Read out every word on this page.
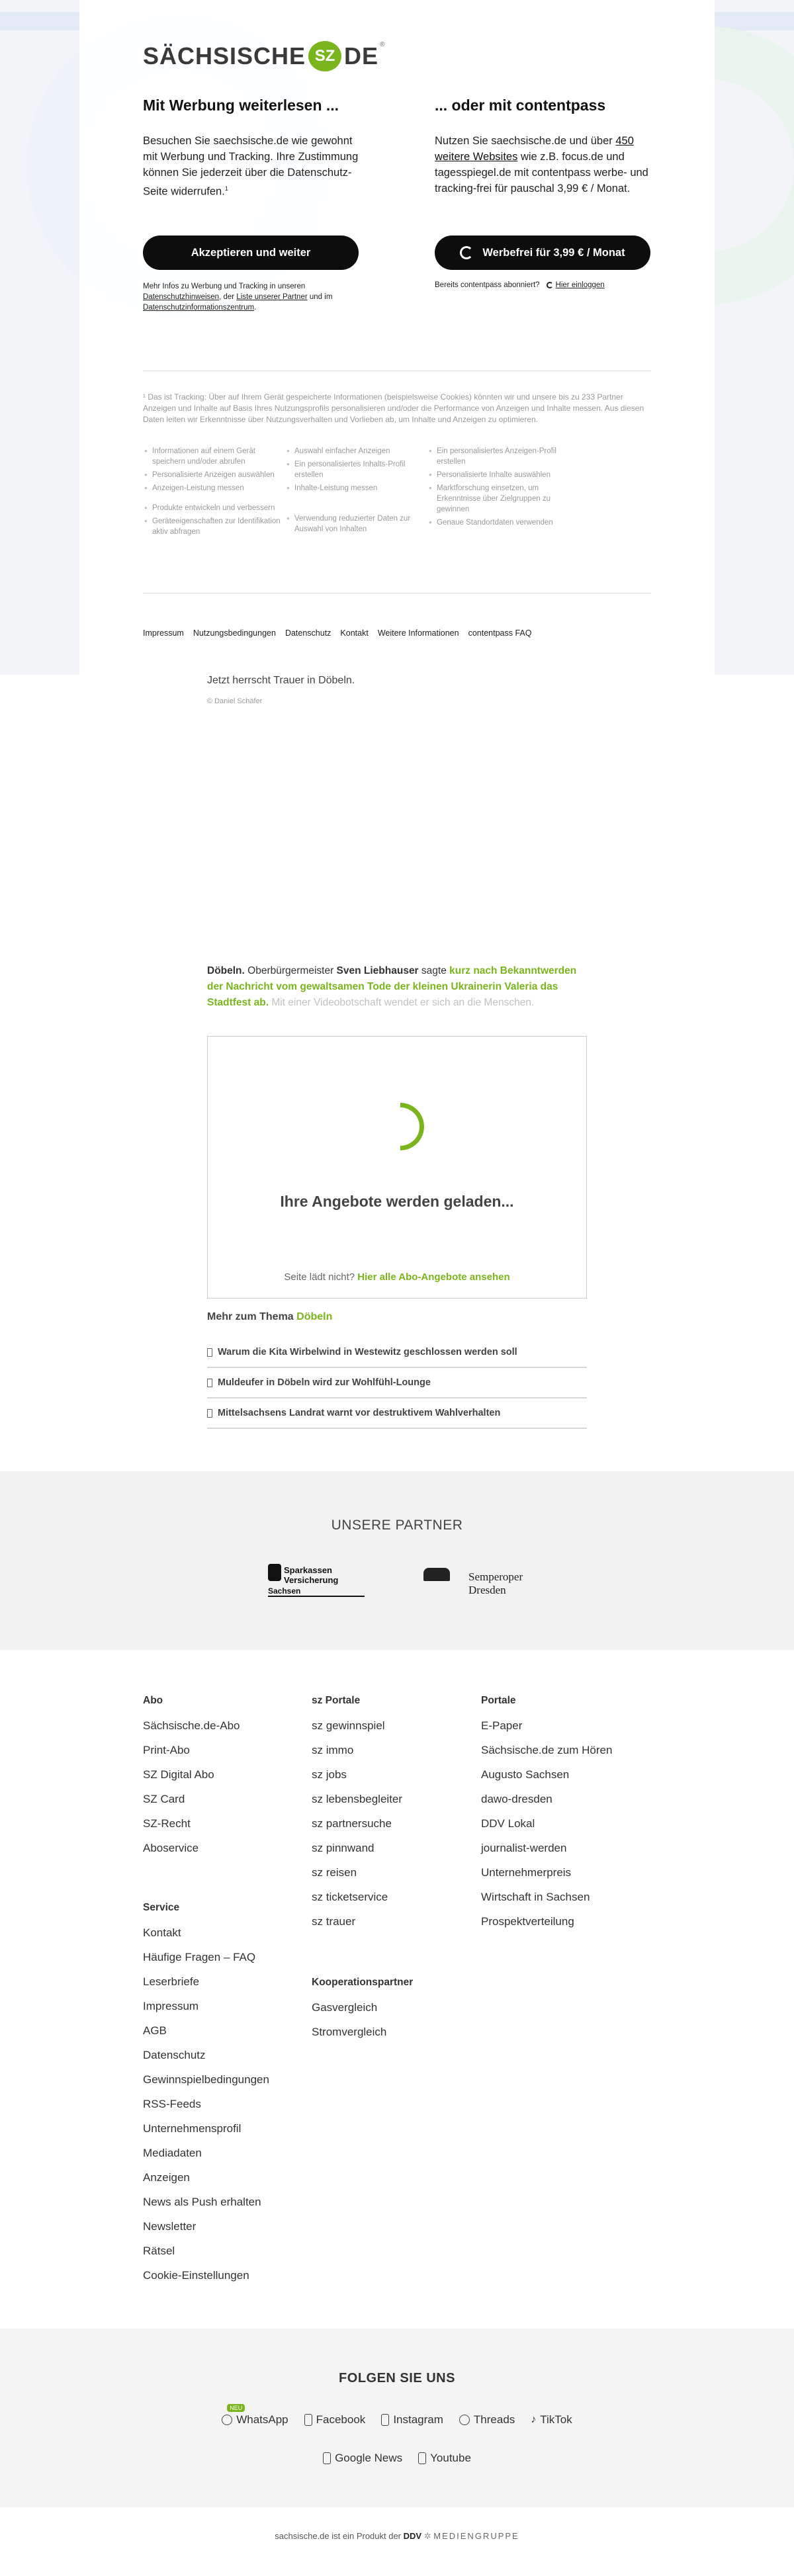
SÄCHSISCHE SZ DE ®
Mit Werbung weiterlesen ...

Besuchen Sie saechsische.de wie gewohnt mit Werbung und Tracking. Ihre Zustimmung können Sie jederzeit über die Datenschutz-Seite widerrufen.$^1$

... oder mit contentpass

Nutzen Sie saechsische.de und über 450 weitere Websites wie z.B. focus.de und tagesspiegel.de mit contentpass werbe- und tracking-frei für pauschal 3,99 € / Monat.

Akzeptieren und weiter	Werbefrei für 3,99 € / Monat
Mehr Infos zu Werbung und Tracking in unseren Datenschutzhinweisen, der Liste unserer Partner und im Datenschutzinformationszentrum.
Bereits contentpass abonniert? Hier einloggen
¹ Das ist Tracking: Über auf Ihrem Gerät gespeicherte Informationen (beispielsweise Cookies) könnten wir und unsere bis zu 233 Partner Anzeigen und Inhalte auf Basis Ihres Nutzungsprofils personalisieren und/oder die Performance von Anzeigen und Inhalte messen. Aus diesen Daten leiten wir Erkenntnisse über Nutzungsverhalten und Vorlieben ab, um Inhalte und Anzeigen zu optimieren.
● Informationen auf einem Gerät speichern und/oder abrufen
● Personalisierte Anzeigen auswählen
● Anzeigen-Leistung messen
● Produkte entwickeln und verbessern
● Geräteeigenschaften zur Identifikation aktiv abfragen
● Auswahl einfacher Anzeigen
● Ein personalisiertes Inhalts-Profil erstellen
● Inhalte-Leistung messen
● Verwendung reduzierter Daten zur Auswahl von Inhalten
● Ein personalisiertes Anzeigen-Profil erstellen
● Personalisierte Inhalte auswählen
● Marktforschung einsetzen, um Erkenntnisse über Zielgruppen zu gewinnen
● Genaue Standortdaten verwenden
Impressum Nutzungsbedingungen Datenschutz Kontakt Weitere Informationen contentpass FAQ
Jetzt herrscht Trauer in Döbeln.
© Daniel Schäfer
Döbeln. Oberbürgermeister Sven Liebhauser sagte kurz nach Bekanntwerden der Nachricht vom gewaltsamen Tode der kleinen Ukrainerin Valeria das Stadtfest ab. Mit einer Videobotschaft wendet er sich an die Menschen.
Ihre Angebote werden geladen...
Seite lädt nicht? Hier alle Abo-Angebote ansehen
Mehr zum Thema Döbeln
Warum die Kita Wirbelwind in Westewitz geschlossen werden soll
Muldeufer in Döbeln wird zur Wohlfühl-Lounge
Mittelsachsens Landrat warnt vor destruktivem Wahlverhalten
UNSERE PARTNER
Sparkassen
Versicherung
Sachsen
Semperoper
Dresden
Abo
Sächsische.de-Abo
Print-Abo
SZ Digital Abo
SZ Card
SZ-Recht
Aboservice
Service
Kontakt
Häufige Fragen – FAQ
Leserbriefe
Impressum
AGB
Datenschutz
Gewinnspielbedingungen
RSS-Feeds
Unternehmensprofil
Mediadaten
Anzeigen
News als Push erhalten
Newsletter
Rätsel
Cookie-Einstellungen
sz Portale
sz gewinnspiel
sz immo
sz jobs
sz lebensbegleiter
sz partnersuche
sz pinnwand
sz reisen
sz ticketservice
sz trauer
Kooperationspartner
Gasvergleich
Stromvergleich
Portale
E-Paper
Sächsische.de zum Hören
Augusto Sachsen
dawo-dresden
DDV Lokal
journalist-werden
Unternehmerpreis
Wirtschaft in Sachsen
Prospektverteilung
FOLGEN SIE UNS
NEU
WhatsApp Facebook Instagram	Threads ♪ TikTok
Google News Youtube
sachsische.de ist ein Produkt der DDV ✲ MEDIENGRUPPE
